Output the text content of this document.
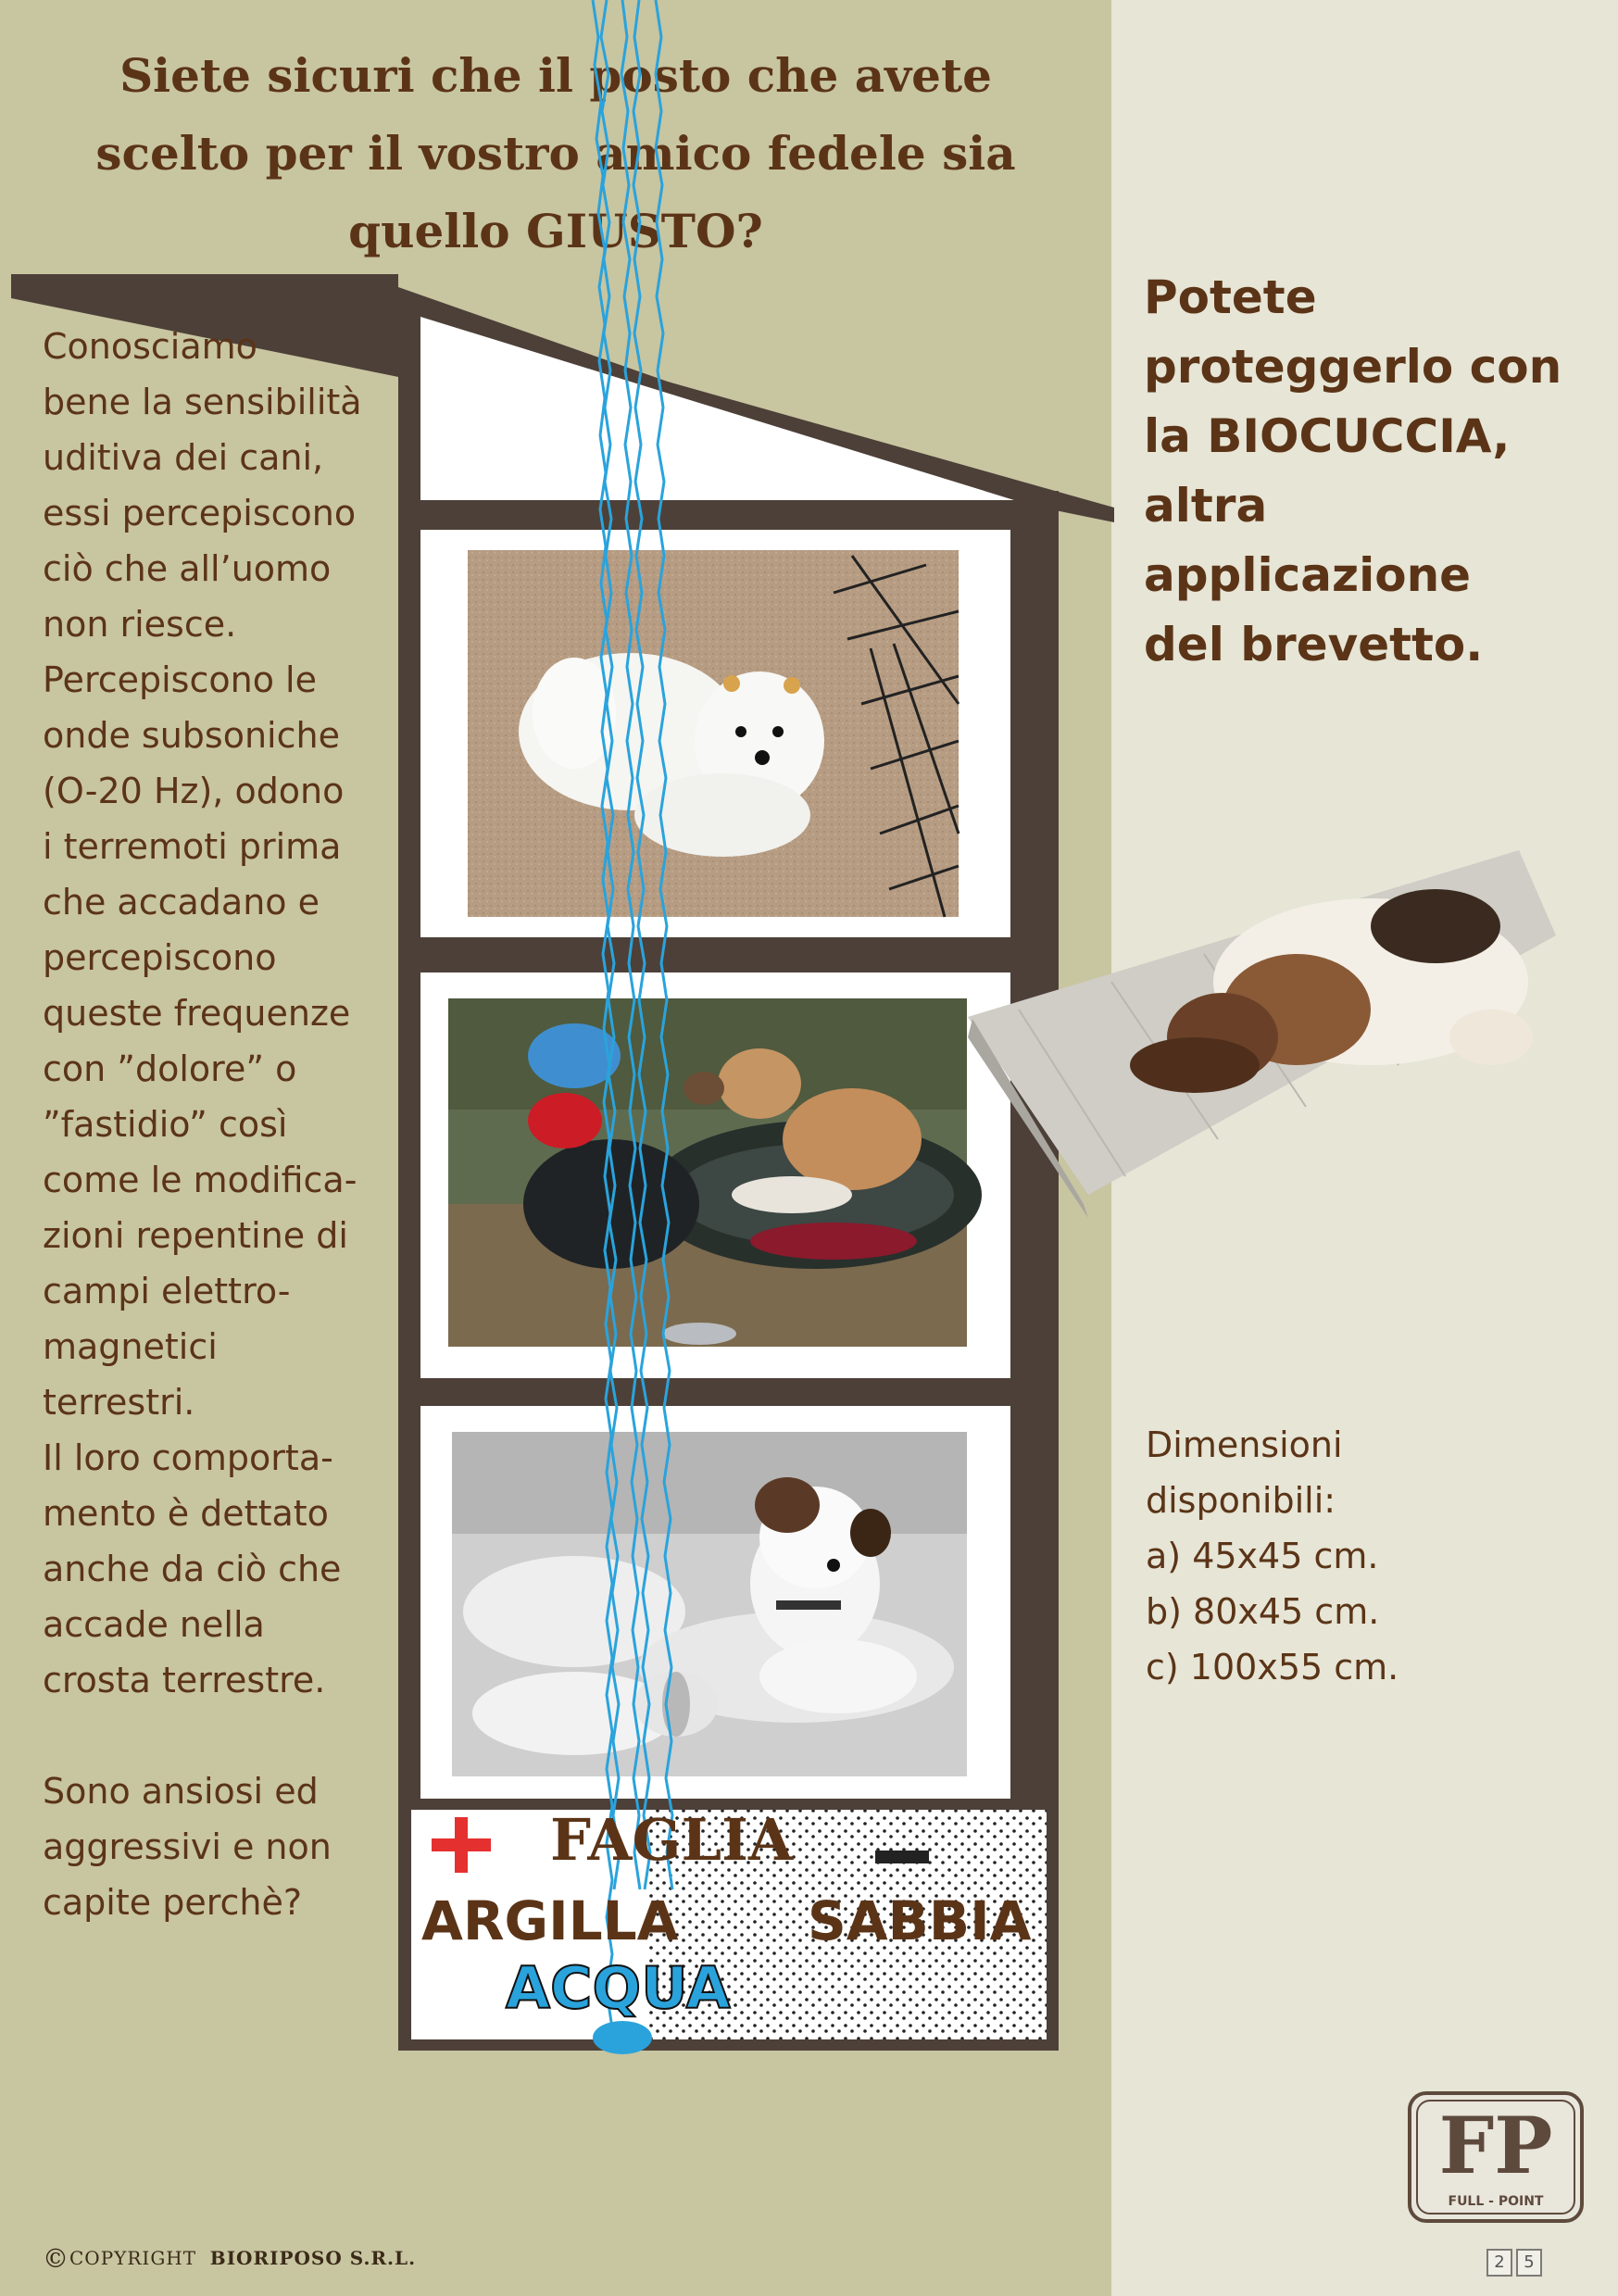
Siete sicuri che il posto che avete
scelto per il vostro amico fedele sia
quello GIUSTO?
FAGLIA
ARGILLA SABBIA
ACQUA

Conosciamo
bene la sensibilità
uditiva dei cani,
essi percepiscono
ciò che all’uomo
non riesce.
Percepiscono le
onde subsoniche
(O-20 Hz), odono
i terremoti prima
che accadano e
percepiscono
queste frequenze
con ”dolore” o
”fastidio” così
come le modifica-
zioni repentine di
campi elettro-
magnetici
terrestri.
Il loro comporta-
mento è dettato
anche da ciò che
accade nella
crosta terrestre.

Sono ansiosi ed
aggressivi e non
capite perchè?

Potete
proteggerlo con
la BIOCUCCIA,
altra applicazione
del brevetto.
Dimensioni
disponibili:
a) 45x45 cm.
b) 80x45 cm.
c) 100x55 cm.
FP
FULL - POINT
©COPYRIGHT BIORIPOSO S.R.L.	2	5
